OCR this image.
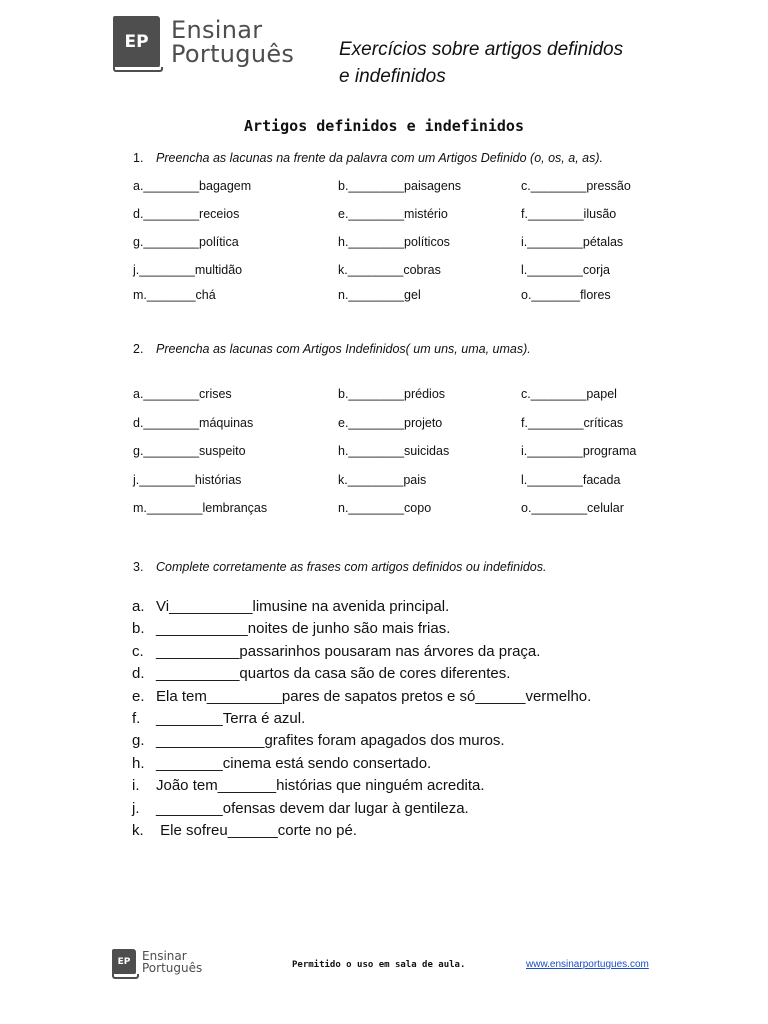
EP Ensinar
Português Exercícios sobre artigos definidos
e indefinidos
Artigos definidos e indefinidos
1. Preencha as lacunas na frente da palavra com um Artigos Definido (o, os, a, as).
a.________bagagem	b.________paisagens	c.________pressão
d.________receios	e.________mistério	f.________ilusão
g.________política	h.________políticos	i.________pétalas
j.________multidão	k.________cobras	l.________corja
m._______chá	n.________gel	o._______flores
2. Preencha as lacunas com Artigos Indefinidos( um uns, uma, umas).
a.________crises	b.________prédios	c.________papel
d.________máquinas	e.________projeto	f.________críticas
g.________suspeito	h.________suicidas	i.________programa
j.________histórias	k.________pais	l.________facada
m.________lembranças	n.________copo	o.________celular
3. Complete corretamente as frases com artigos definidos ou indefinidos.
a. Vi__________limusine na avenida principal.
b. ___________noites de junho são mais frias.
c. __________passarinhos pousaram nas árvores da praça.
d. __________quartos da casa são de cores diferentes.
e. Ela tem_________pares de sapatos pretos e só______vermelho.
f. ________Terra é azul.
g. _____________grafites foram apagados dos muros.
h. ________cinema está sendo consertado.
i. João tem_______histórias que ninguém acredita.
j. ________ofensas devem dar lugar à gentileza.
k. Ele sofreu______corte no pé.
EP Ensinar
Português	Permitido o uso em sala de aula.	www.ensinarportugues.com
